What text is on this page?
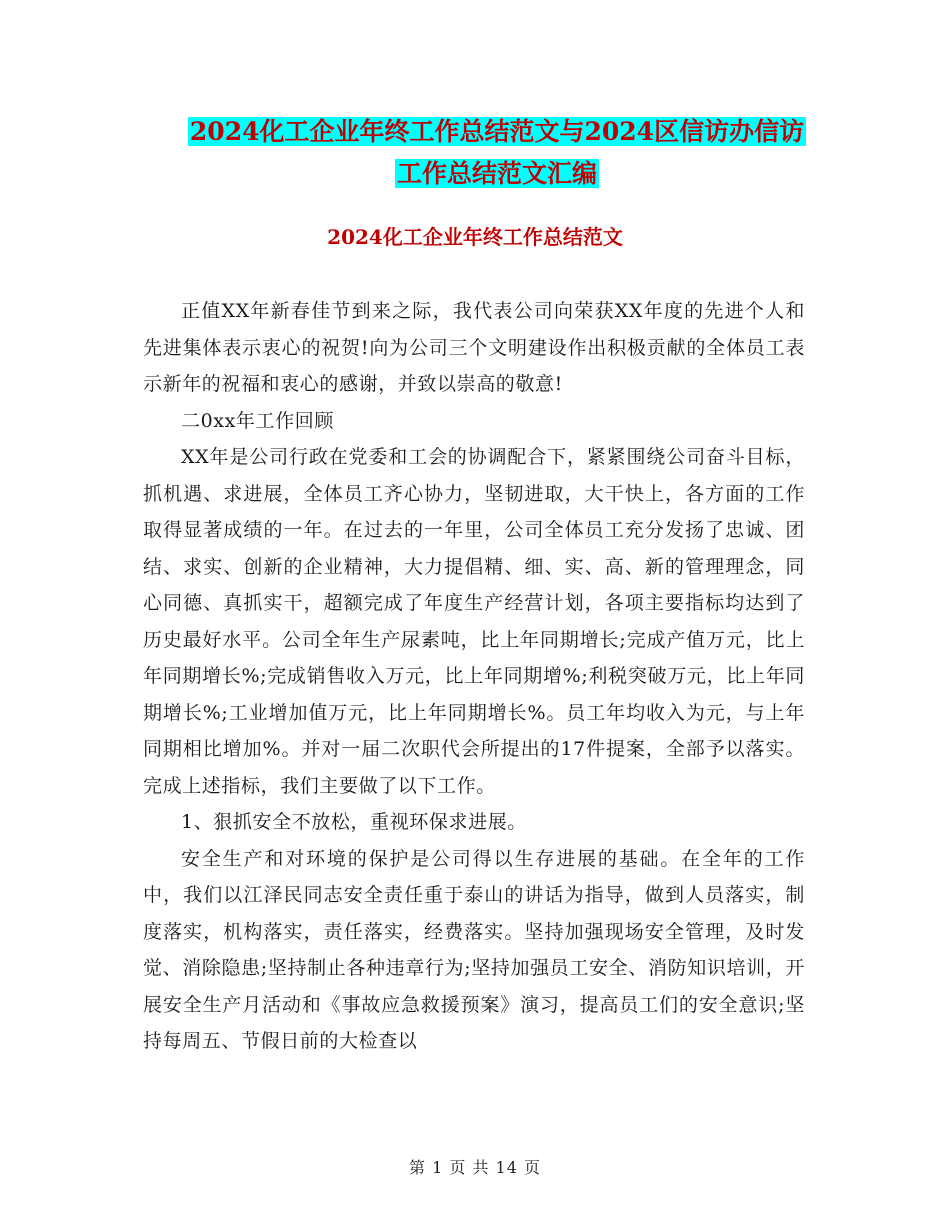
2024化工企业年终工作总结范文与2024区信访办信访
工作总结范文汇编
2024化工企业年终工作总结范文

正值XX年新春佳节到来之际，我代表公司向荣获XX年度的先进个人和先进集体表示衷心的祝贺!向为公司三个文明建设作出积极贡献的全体员工表示新年的祝福和衷心的感谢，并致以崇高的敬意!

二0xx年工作回顾

XX年是公司行政在党委和工会的协调配合下，紧紧围绕公司奋斗目标，抓机遇、求进展，全体员工齐心协力，坚韧进取，大干快上，各方面的工作取得显著成绩的一年。在过去的一年里，公司全体员工充分发扬了忠诚、团结、求实、创新的企业精神，大力提倡精、细、实、高、新的管理理念，同心同德、真抓实干，超额完成了年度生产经营计划，各项主要指标均达到了历史最好水平。公司全年生产尿素吨，比上年同期增长;完成产值万元，比上年同期增长%;完成销售收入万元，比上年同期增%;利税突破万元，比上年同期增长%;工业增加值万元，比上年同期增长%。员工年均收入为元，与上年同期相比增加%。并对一届二次职代会所提出的17件提案，全部予以落实。完成上述指标，我们主要做了以下工作。

1、狠抓安全不放松，重视环保求进展。

安全生产和对环境的保护是公司得以生存进展的基础。在全年的工作中，我们以江泽民同志安全责任重于泰山的讲话为指导，做到人员落实，制度落实，机构落实，责任落实，经费落实。坚持加强现场安全管理，及时发觉、消除隐患;坚持制止各种违章行为;坚持加强员工安全、消防知识培训，开展安全生产月活动和《事故应急救援预案》演习，提高员工们的安全意识;坚持每周五、节假日前的大检查以

第 1 页 共 14 页
